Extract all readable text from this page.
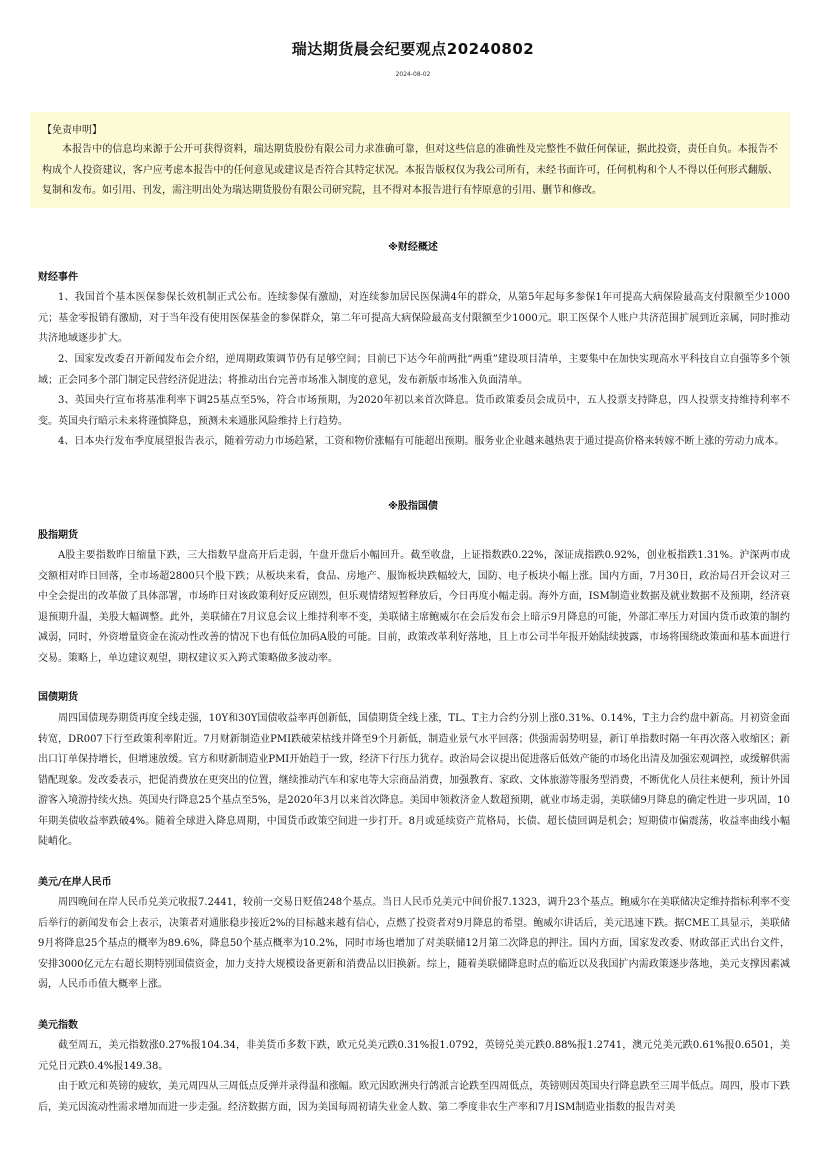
瑞达期货晨会纪要观点20240802
2024-08-02
【免责申明】

本报告中的信息均来源于公开可获得资料，瑞达期货股份有限公司力求准确可靠，但对这些信息的准确性及完整性不做任何保证，据此投资，责任自负。本报告不构成个人投资建议，客户应考虑本报告中的任何意见或建议是否符合其特定状况。本报告版权仅为我公司所有，未经书面许可，任何机构和个人不得以任何形式翻版、复制和发布。如引用、刊发，需注明出处为瑞达期货股份有限公司研究院，且不得对本报告进行有悖原意的引用、删节和修改。

※财经概述
财经事件

1、我国首个基本医保参保长效机制正式公布。连续参保有激励，对连续参加居民医保满4年的群众，从第5年起每多参保1年可提高大病保险最高支付限额至少1000元；基金零报销有激励，对于当年没有使用医保基金的参保群众，第二年可提高大病保险最高支付限额至少1000元。职工医保个人账户共济范围扩展到近亲属，同时推动共济地域逐步扩大。

2、国家发改委召开新闻发布会介绍，逆周期政策调节仍有足够空间；目前已下达今年前两批“两重”建设项目清单，主要集中在加快实现高水平科技自立自强等多个领域；正会同多个部门制定民营经济促进法；将推动出台完善市场准入制度的意见，发布新版市场准入负面清单。

3、英国央行宣布将基准利率下调25基点至5%，符合市场预期，为2020年初以来首次降息。货币政策委员会成员中，五人投票支持降息，四人投票支持维持利率不变。英国央行暗示未来将谨慎降息，预测未来通胀风险维持上行趋势。

4、日本央行发布季度展望报告表示，随着劳动力市场趋紧，工资和物价涨幅有可能超出预期。服务业企业越来越热衷于通过提高价格来转嫁不断上涨的劳动力成本。

※股指国债
股指期货

A股主要指数昨日缩量下跌，三大指数早盘高开后走弱，午盘开盘后小幅回升。截至收盘，上证指数跌0.22%，深证成指跌0.92%，创业板指跌1.31%。沪深两市成交额相对昨日回落，全市场超2800只个股下跌；从板块来看，食品、房地产、服饰板块跌幅较大，国防、电子板块小幅上涨。国内方面，7月30日，政治局召开会议对三中全会提出的改革做了具体部署，市场昨日对该政策利好反应剧烈，但乐观情绪短暂释放后，今日再度小幅走弱。海外方面，ISM制造业数据及就业数据不及预期，经济衰退预期升温，美股大幅调整。此外，美联储在7月议息会议上维持利率不变，美联储主席鲍威尔在会后发布会上暗示9月降息的可能，外部汇率压力对国内货币政策的制约减弱，同时，外资增量资金在流动性改善的情况下也有低位加码A股的可能。目前，政策改革利好落地，且上市公司半年报开始陆续披露，市场将围绕政策面和基本面进行交易。策略上，单边建议观望，期权建议买入跨式策略做多波动率。

国债期货

周四国债现券期货再度全线走强，10Y和30Y国债收益率再创新低，国债期货全线上涨，TL、T主力合约分别上涨0.31%、0.14%，T主力合约盘中新高。月初资金面转宽，DR007下行至政策利率附近。7月财新制造业PMI跌破荣枯线并降至9个月新低，制造业景气水平回落；供强需弱势明显，新订单指数时隔一年再次落入收缩区；新出口订单保持增长，但增速放缓。官方和财新制造业PMI开始趋于一致，经济下行压力犹存。政治局会议提出促进落后低效产能的市场化出清及加强宏观调控，或缓解供需错配现象。发改委表示，把促消费放在更突出的位置，继续推动汽车和家电等大宗商品消费，加强教育、家政、文体旅游等服务型消费，不断优化人员往来便利，预计外国游客入境游持续火热。英国央行降息25个基点至5%，是2020年3月以来首次降息。美国申领救济金人数超预期，就业市场走弱，美联储9月降息的确定性进一步巩固，10年期美债收益率跌破4%。随着全球进入降息周期，中国货币政策空间进一步打开。8月或延续资产荒格局，长债、超长债回调是机会；短期债市偏震荡，收益率曲线小幅陡峭化。

美元/在岸人民币

周四晚间在岸人民币兑美元收报7.2441，较前一交易日贬值248个基点。当日人民币兑美元中间价报7.1323，调升23个基点。鲍威尔在美联储决定维持指标利率不变后举行的新闻发布会上表示，决策者对通胀稳步接近2%的目标越来越有信心，点燃了投资者对9月降息的希望。鲍威尔讲话后，美元迅速下跌。据CME工具显示，美联储9月将降息25个基点的概率为89.6%，降息50个基点概率为10.2%，同时市场也增加了对美联储12月第二次降息的押注。国内方面，国家发改委、财政部正式出台文件，安排3000亿元左右超长期特别国债资金，加力支持大规模设备更新和消费品以旧换新。综上，随着美联储降息时点的临近以及我国扩内需政策逐步落地，美元支撑因素减弱，人民币币值大概率上涨。

美元指数

截至周五，美元指数涨0.27%报104.34，非美货币多数下跌，欧元兑美元跌0.31%报1.0792，英镑兑美元跌0.88%报1.2741，澳元兑美元跌0.61%报0.6501，美元兑日元跌0.4%报149.38。

由于欧元和英镑的疲软，美元周四从三周低点反弹并录得温和涨幅。欧元因欧洲央行鸽派言论跌至四周低点，英镑则因英国央行降息跌至三周半低点。周四，股市下跌后，美元因流动性需求增加而进一步走强。经济数据方面，因为美国每周初请失业金人数、第二季度非农生产率和7月ISM制造业指数的报告对美
